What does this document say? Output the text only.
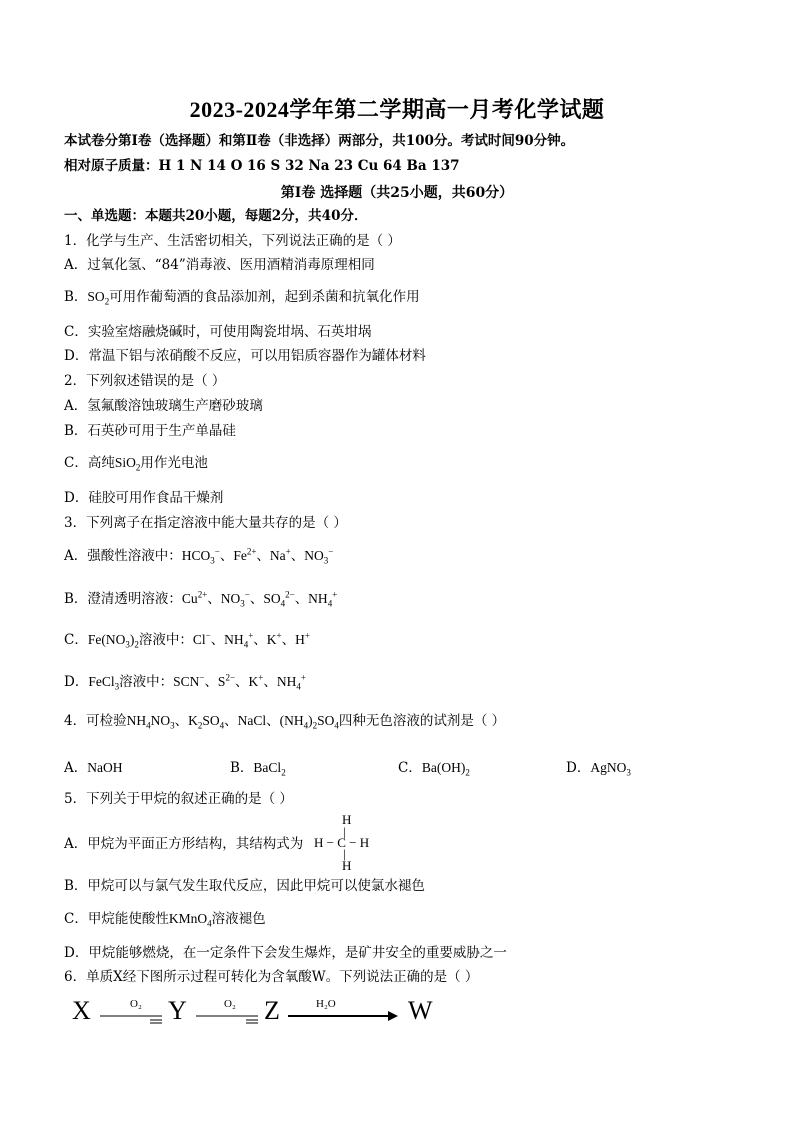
2023-2024学年第二学期高一月考化学试题
本试卷分第Ⅰ卷（选择题）和第Ⅱ卷（非选择）两部分，共100分。考试时间90分钟。
相对原子质量：H 1 N 14 O 16 S 32 Na 23 Cu 64 Ba 137
第Ⅰ卷 选择题（共25小题，共60分）
一、单选题：本题共20小题，每题2分，共40分．
1．化学与生产、生活密切相关，下列说法正确的是（ ）
A．过氧化氢、“84”消毒液、医用酒精消毒原理相同
B．$SO_2$可用作葡萄酒的食品添加剂，起到杀菌和抗氧化作用
C．实验室熔融烧碱时，可使用陶瓷坩埚、石英坩埚
D．常温下铝与浓硝酸不反应，可以用铝质容器作为罐体材料
2．下列叙述错误的是（ ）
A．氢氟酸溶蚀玻璃生产磨砂玻璃
B．石英砂可用于生产单晶硅
C．高纯SiO$_2$用作光电池
D．硅胶可用作食品干燥剂
3．下列离子在指定溶液中能大量共存的是（ ）
A．强酸性溶液中：$HCO_3^-$、$Fe^{2+}$、Na+、$NO_3^-$
B．澄清透明溶液：$Cu^{2+}$、$NO_3^-$、$SO_4^{2-}$、$NH_4^+$
C．$Fe(NO_3)_2$溶液中：Cl−、$NH_4^+$、K+、H+
D．FeCl$_3$溶液中：SCN−、$S^{2-}$、K+、$NH_4^+$
4．可检验$NH_4NO_3$、$K_2SO_4$、NaCl、$(NH_4)_2SO_4$四种无色溶液的试剂是（ ）
A．NaOH	B．BaCl$_2$	C．$Ba(OH)_2$	D．AgNO$_3$
5．下列关于甲烷的叙述正确的是（ ）
A．甲烷为平面正方形结构，其结构式为
H
|
H − C − H
|
H
B．甲烷可以与氯气发生取代反应，因此甲烷可以使氯水褪色
C．甲烷能使酸性KMnO$_4$溶液褪色
D．甲烷能够燃烧，在一定条件下会发生爆炸，是矿井安全的重要威胁之一
6．单质X经下图所示过程可转化为含氧酸W。下列说法正确的是（ ）
X	O₂ Y	O₂ Z	H₂O	W
